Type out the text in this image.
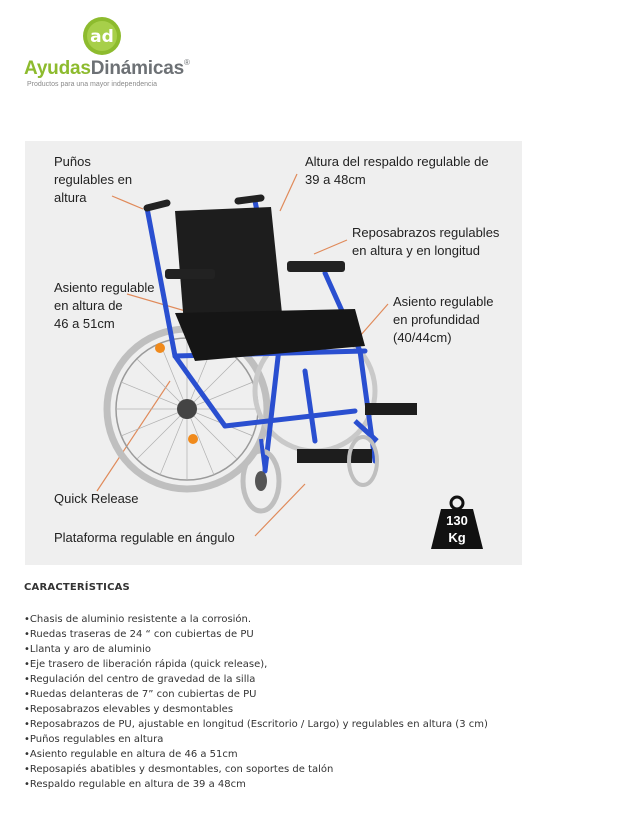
ad
AyudasDinámicas®
Productos para una mayor independencia
Puños
regulables en
altura
Altura del respaldo regulable de
39 a 48cm
Reposabrazos regulables
en altura y en longitud
Asiento regulable
en altura de
46 a 51cm
Asiento regulable
en profundidad
(40/44cm)
Quick Release
Plataforma regulable en ángulo
130
Kg
CARACTERÍSTICAS
• Chasis de aluminio resistente a la corrosión.
• Ruedas traseras de 24 “ con cubiertas de PU
• Llanta y aro de aluminio
• Eje trasero de liberación rápida (quick release),
• Regulación del centro de gravedad de la silla
• Ruedas delanteras de 7” con cubiertas de PU
• Reposabrazos elevables y desmontables
• Reposabrazos de PU, ajustable en longitud (Escritorio / Largo) y regulables en altura (3 cm)
• Puños regulables en altura
• Asiento regulable en altura de 46 a 51cm
• Reposapiés abatibles y desmontables, con soportes de talón
• Respaldo regulable en altura de 39 a 48cm
